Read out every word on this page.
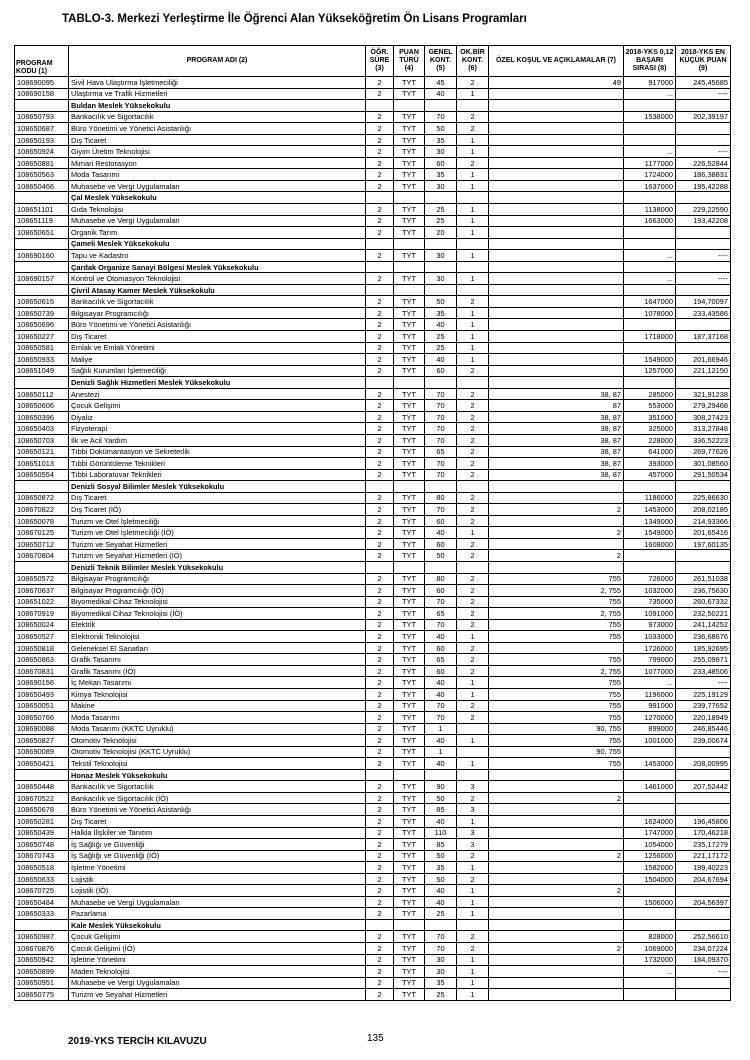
TABLO-3. Merkezi Yerleştirme İle Öğrenci Alan Yükseköğretim Ön Lisans Programları
PROGRAM KODU (1)	PROGRAM ADI (2)	ÖĞR. SÜRE (3)	PUAN TÜRÜ (4)	GENEL KONT. (5)	OK.BİR KONT. (6)	ÖZEL KOŞUL VE AÇIKLAMALAR (7)	2018-YKS 0,12 BAŞARI SIRASI (8)	2018-YKS EN KÜÇÜK PUAN (9)
108690095	Sivil Hava Ulaştırma İşletmeciliği	2	TYT	45	2	49	917000	245,45685
108690158	Ulaştırma ve Trafik Hizmetleri	2	TYT	40	1		...	----
	Buldan Meslek Yüksekokulu							
108650793	Bankacılık ve Sigortacılık	2	TYT	70	2		1538000	202,39197
108650687	Büro Yönetimi ve Yönetici Asistanlığı	2	TYT	50	2			
108650193	Dış Ticaret	2	TYT	35	1			
108650924	Giyim Üretim Teknolojisi	2	TYT	30	1		...	----
108650881	Mimari Restorasyon	2	TYT	60	2		1177000	226,52844
108650563	Moda Tasarımı	2	TYT	35	1		1724000	186,38831
108650466	Muhasebe ve Vergi Uygulamaları	2	TYT	30	1		1637000	195,42288
	Çal Meslek Yüksekokulu							
108651101	Gıda Teknolojisi	2	TYT	25	1		1138000	229,22590
108651119	Muhasebe ve Vergi Uygulamaları	2	TYT	25	1		1663000	193,42208
108650651	Organik Tarım	2	TYT	20	1			
	Çameli Meslek Yüksekokulu							
108690160	Tapu ve Kadastro	2	TYT	30	1		...	----
	Çardak Organize Sanayi Bölgesi Meslek Yüksekokulu							
108690157	Kontrol ve Otomasyon Teknolojisi	2	TYT	30	1		...	----
	Çivril Atasay Kamer Meslek Yüksekokulu							
108650615	Bankacılık ve Sigortacılık	2	TYT	50	2		1647000	194,70097
108650739	Bilgisayar Programcılığı	2	TYT	35	1		1078000	233,43586
108650696	Büro Yönetimi ve Yönetici Asistanlığı	2	TYT	40	1			
108650227	Dış Ticaret	2	TYT	25	1		1718000	187,37168
108650581	Emlak ve Emlak Yönetimi	2	TYT	25	1			
108650933	Maliye	2	TYT	40	1		1549000	201,66946
108651049	Sağlık Kurumları İşletmeciliği	2	TYT	60	2		1257000	221,12150
	Denizli Sağlık Hizmetleri Meslek Yüksekokulu							
108650112	Anestezi	2	TYT	70	2	38, 87	285000	321,91238
108650606	Çocuk Gelişimi	2	TYT	70	2	87	553000	279,29468
108650396	Diyaliz	2	TYT	70	2	38, 87	351000	308,27423
108650403	Fizyoterapi	2	TYT	70	2	38, 87	325000	313,27848
108650703	İlk ve Acil Yardım	2	TYT	70	2	38, 87	228000	336,52223
108650121	Tıbbi Dokümantasyon ve Sekreterlik	2	TYT	65	2	38, 87	641000	269,77626
108651013	Tıbbi Görüntüleme Teknikleri	2	TYT	70	2	38, 87	393000	301,08560
108650554	Tıbbi Laboratuvar Teknikleri	2	TYT	70	2	38, 87	457000	291,50534
	Denizli Sosyal Bilimler Meslek Yüksekokulu							
108650872	Dış Ticaret	2	TYT	80	2		1186000	225,86630
108670822	Dış Ticaret (İÖ)	2	TYT	70	2	2	1453000	208,02185
108650078	Turizm ve Otel İşletmeciliği	2	TYT	60	2		1349000	214,93366
108670125	Turizm ve Otel İşletmeciliği (İÖ)	2	TYT	40	1	2	1549000	201,65416
108650712	Turizm ve Seyahat Hizmetleri	2	TYT	60	2		1608000	197,60135
108670804	Turizm ve Seyahat Hizmetleri (İÖ)	2	TYT	50	2	2		
	Denizli Teknik Bilimler Meslek Yüksekokulu							
108650572	Bilgisayar Programcılığı	2	TYT	80	2	755	726000	261,51038
108670637	Bilgisayar Programcılığı (İÖ)	2	TYT	60	2	2, 755	1032000	236,75630
108651022	Biyomedikal Cihaz Teknolojisi	2	TYT	70	2	755	735000	260,67332
108670919	Biyomedikal Cihaz Teknolojisi (İÖ)	2	TYT	65	2	2, 755	1091000	232,50221
108650024	Elektrik	2	TYT	70	2	755	973000	241,14252
108650527	Elektronik Teknolojisi	2	TYT	40	1	755	1033000	236,68676
108650818	Geleneksel El Sanatları	2	TYT	60	2		1726000	185,92695
108650863	Grafik Tasarımı	2	TYT	65	2	755	799000	255,09871
108670831	Grafik Tasarımı (İÖ)	2	TYT	60	2	2, 755	1077000	233,48506
108690156	İç Mekan Tasarımı	2	TYT	40	1	755	...	----
108650493	Kimya Teknolojisi	2	TYT	40	1	755	1196000	225,19129
108650051	Makine	2	TYT	70	2	755	991000	239,77652
108650766	Moda Tasarımı	2	TYT	70	2	755	1270000	220,18949
108690088	Moda Tasarımı (KKTC Uyruklu)	2	TYT	1		90, 755	899000	246,85446
108650827	Otomotiv Teknolojisi	2	TYT	40	1	755	1001000	239,00674
108690089	Otomotiv Teknolojisi (KKTC Uyruklu)	2	TYT	1		90, 755		
108650421	Tekstil Teknolojisi	2	TYT	40	1	755	1453000	208,00995
	Honaz Meslek Yüksekokulu							
108650448	Bankacılık ve Sigortacılık	2	TYT	90	3		1461000	207,52442
108670522	Bankacılık ve Sigortacılık (İÖ)	2	TYT	50	2	2		
108650678	Büro Yönetimi ve Yönetici Asistanlığı	2	TYT	85	3			
108650281	Dış Ticaret	2	TYT	40	1		1624000	196,45806
108650439	Halkla İlişkiler ve Tanıtım	2	TYT	110	3		1747000	170,46218
108650748	İş Sağlığı ve Güvenliği	2	TYT	85	3		1054000	235,17279
108670743	İş Sağlığı ve Güvenliği (İÖ)	2	TYT	50	2	2	1256000	221,17172
108650518	İşletme Yönetimi	2	TYT	35	1		1582000	199,40223
108650633	Lojistik	2	TYT	50	2		1504000	204,67694
108670725	Lojistik (İÖ)	2	TYT	40	1	2		
108650484	Muhasebe ve Vergi Uygulamaları	2	TYT	40	1		1506000	204,56397
108650333	Pazarlama	2	TYT	25	1			
	Kale Meslek Yüksekokulu							
108650987	Çocuk Gelişimi	2	TYT	70	2		828000	252,56610
108670876	Çocuk Gelişimi (İÖ)	2	TYT	70	2	2	1069000	234,07224
108650942	İşletme Yönetimi	2	TYT	30	1		1732000	184,09370
108650899	Maden Teknolojisi	2	TYT	30	1		...	----
108650951	Muhasebe ve Vergi Uygulamaları	2	TYT	35	1			
108650775	Turizm ve Seyahat Hizmetleri	2	TYT	25	1			
2019-YKS TERCİH KILAVUZU	135
